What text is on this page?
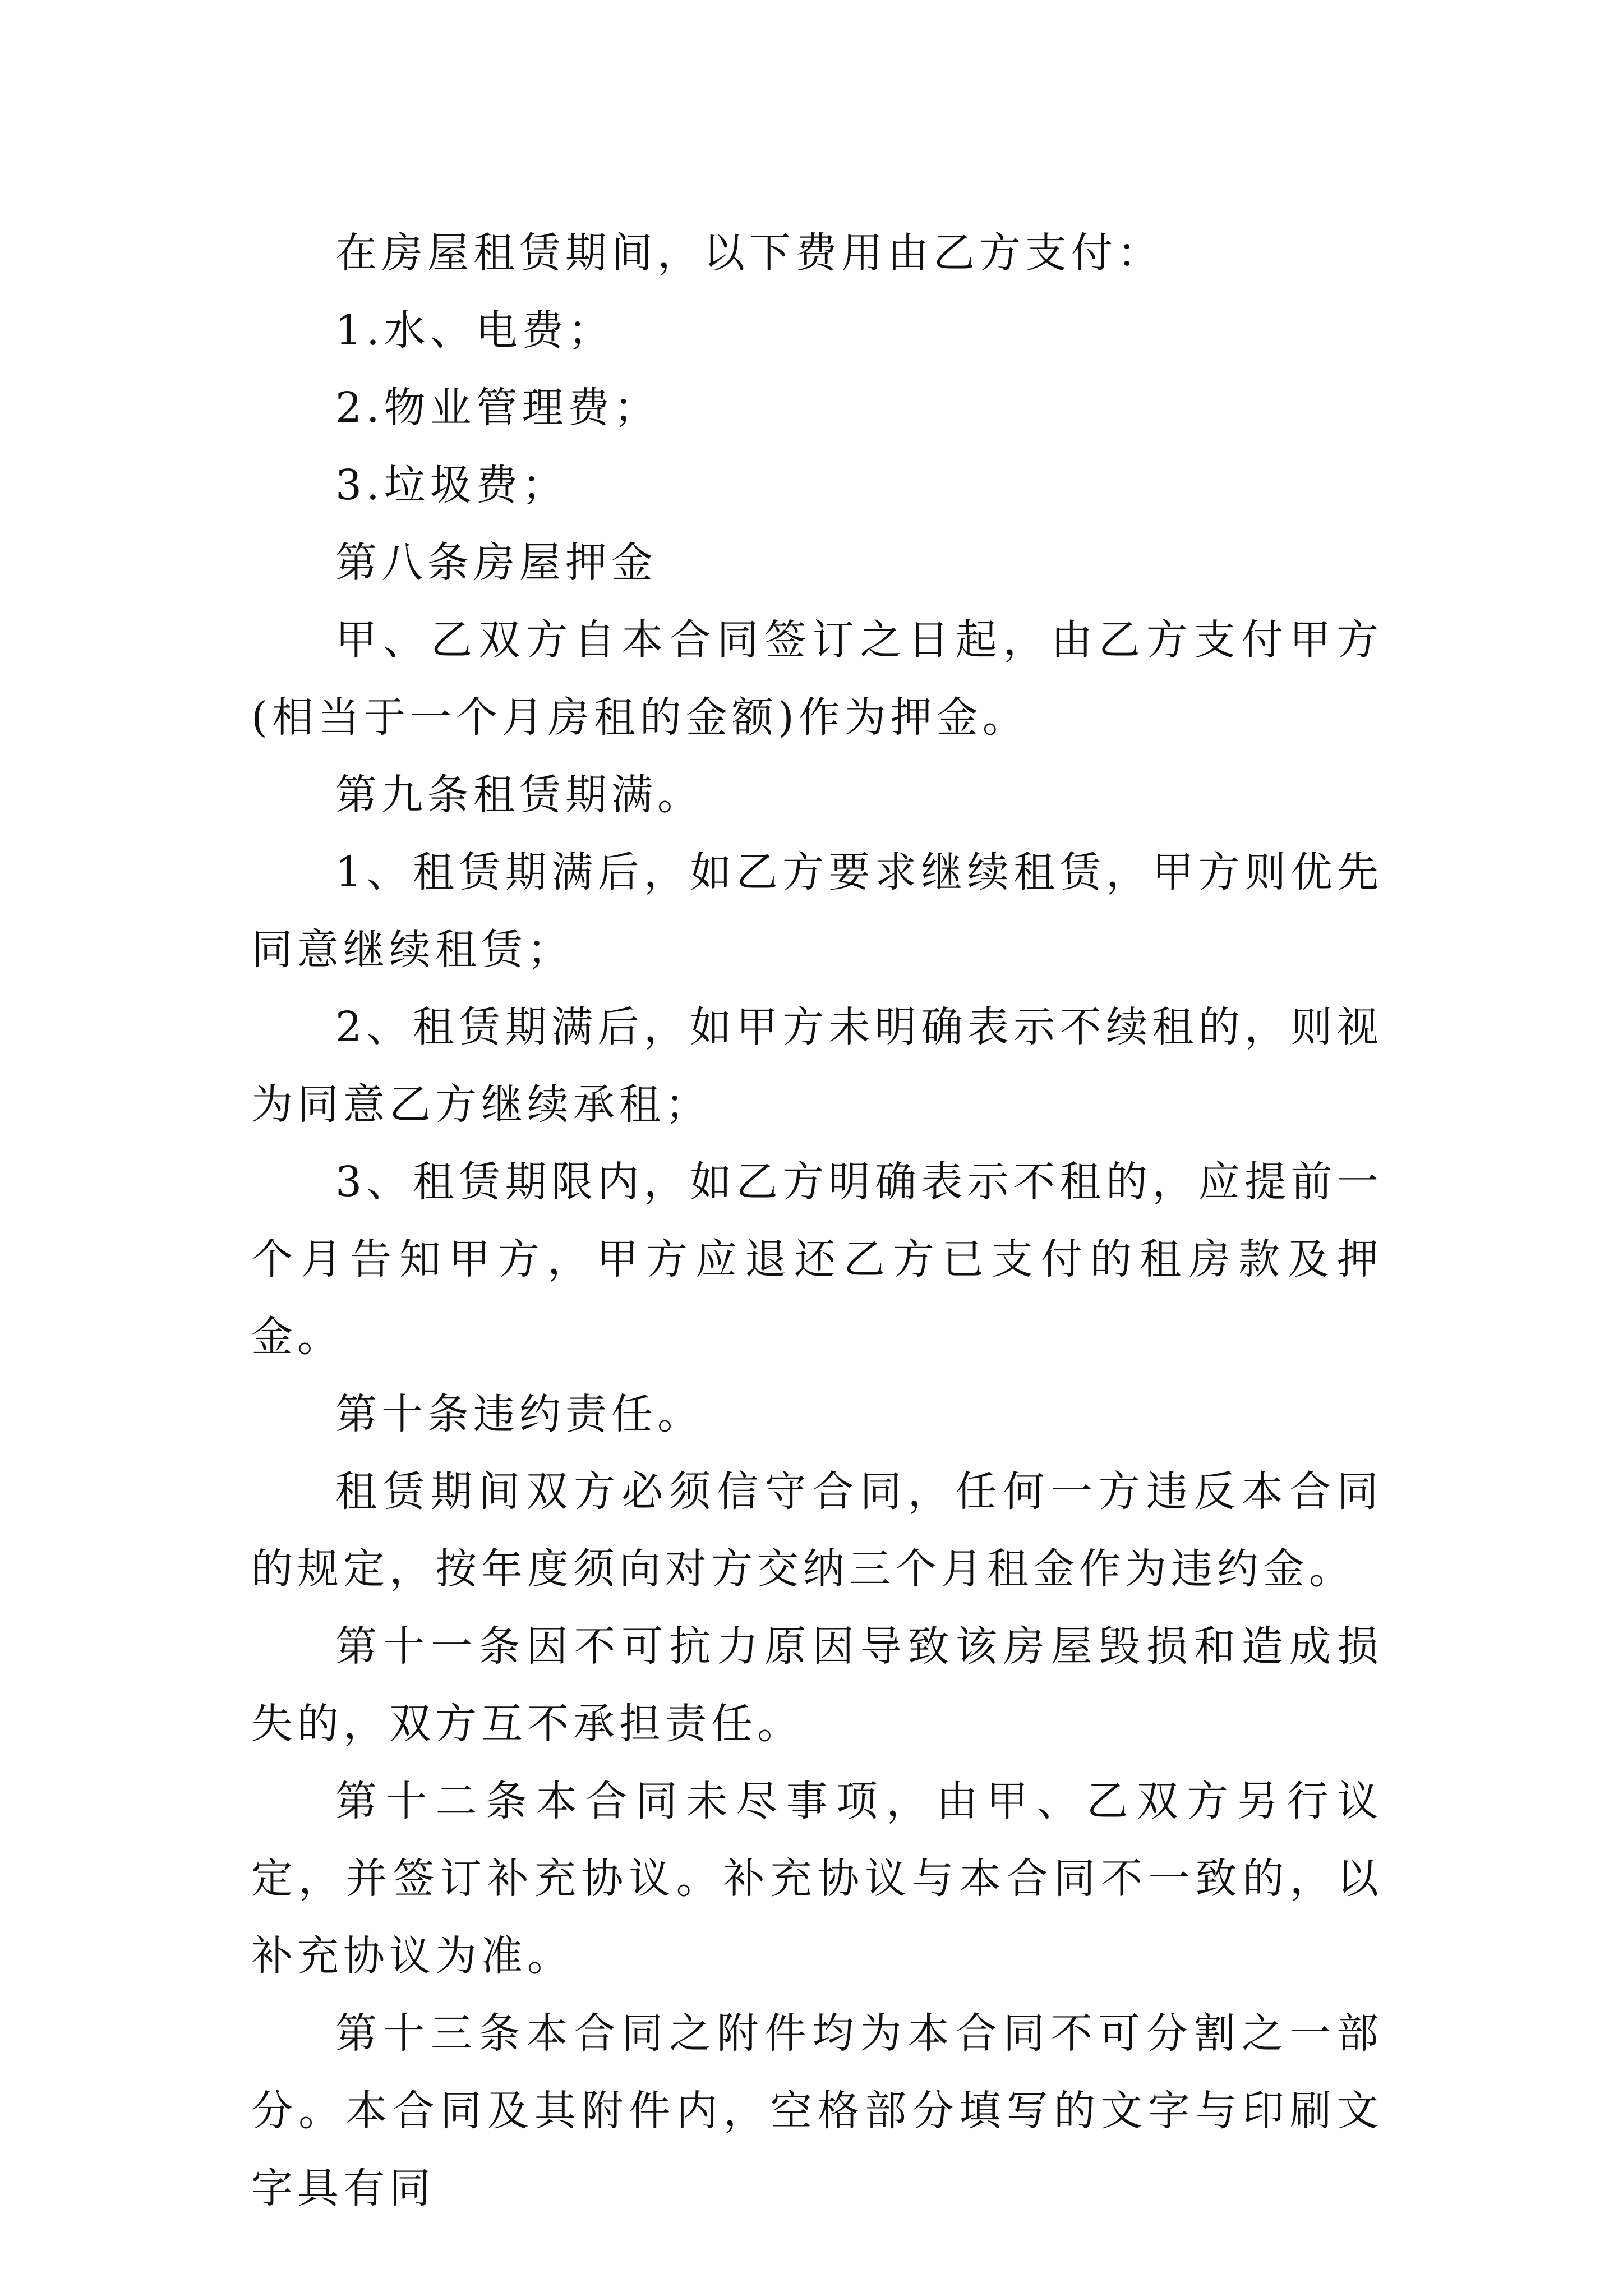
在房屋租赁期间，以下费用由乙方支付：

1.水、电费；

2.物业管理费；

3.垃圾费；

第八条房屋押金

甲、乙双方自本合同签订之日起，由乙方支付甲方(相当于一个月房租的金额)作为押金。

第九条租赁期满。

1、租赁期满后，如乙方要求继续租赁，甲方则优先同意继续租赁；

2、租赁期满后，如甲方未明确表示不续租的，则视为同意乙方继续承租；

3、租赁期限内，如乙方明确表示不租的，应提前一个月告知甲方，甲方应退还乙方已支付的租房款及押金。

第十条违约责任。

租赁期间双方必须信守合同，任何一方违反本合同的规定，按年度须向对方交纳三个月租金作为违约金。

第十一条因不可抗力原因导致该房屋毁损和造成损失的，双方互不承担责任。

第十二条本合同未尽事项，由甲、乙双方另行议定，并签订补充协议。补充协议与本合同不一致的，以补充协议为准。

第十三条本合同之附件均为本合同不可分割之一部分。本合同及其附件内，空格部分填写的文字与印刷文字具有同
